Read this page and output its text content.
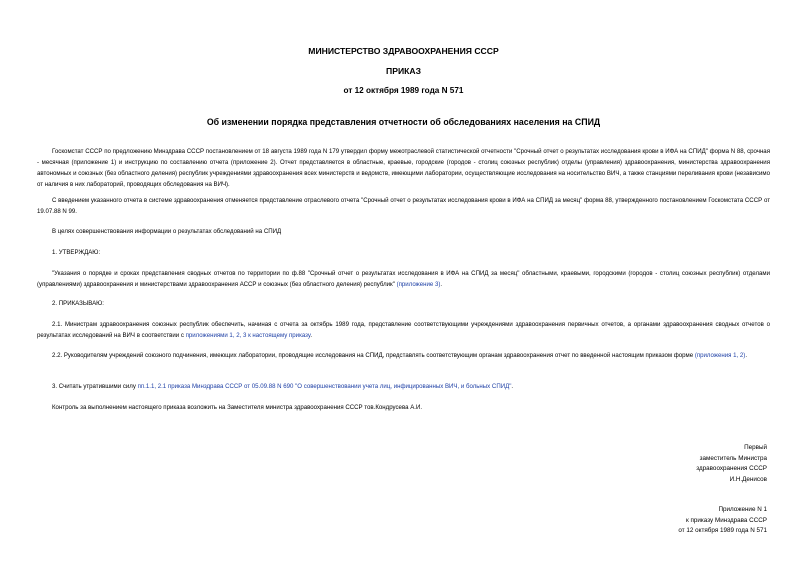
МИНИСТЕРСТВО ЗДРАВООХРАНЕНИЯ СССР
ПРИКАЗ
от 12 октября 1989 года N 571
Об изменении порядка представления отчетности об обследованиях населения на СПИД

Госкомстат СССР по предложению Минздрава СССР постановлением от 18 августа 1989 года N 179 утвердил форму межотраслевой статистической отчетности "Срочный отчет о результатах исследования крови в ИФА на СПИД" форма N 88, срочная - месячная (приложение 1) и инструкцию по составлению отчета (приложение 2). Отчет представляется в областные, краевые, городские (городов - столиц союзных республик) отделы (управления) здравоохранения, министерства здравоохранения автономных и союзных (без областного деления) республик учреждениями здравоохранения всех министерств и ведомств, имеющими лаборатории, осуществляющие исследования на носительство ВИЧ, а также станциями переливания крови (независимо от наличия в них лабораторий, проводящих обследования на ВИЧ).

С введением указанного отчета в системе здравоохранения отменяется представление отраслевого отчета "Срочный отчет о результатах исследования крови в ИФА на СПИД за месяц" форма 88, утвержденного постановлением Госкомстата СССР от 19.07.88 N 99.

В целях совершенствования информации о результатах обследований на СПИД

1. УТВЕРЖДАЮ:

"Указания о порядке и сроках представления сводных отчетов по территории по ф.88 "Срочный отчет о результатах исследования в ИФА на СПИД за месяц" областными, краевыми, городскими (городов - столиц союзных республик) отделами (управлениями) здравоохранения и министерствами здравоохранения АССР и союзных (без областного деления) республик" (приложение 3).

2. ПРИКАЗЫВАЮ:

2.1. Министрам здравоохранения союзных республик обеспечить, начиная с отчета за октябрь 1989 года, представление соответствующими учреждениями здравоохранения первичных отчетов, а органами здравоохранения сводных отчетов о результатах исследований на ВИЧ в соответствии с приложениями 1, 2, 3 к настоящему приказу.

2.2. Руководителям учреждений союзного подчинения, имеющих лаборатории, проводящие исследования на СПИД, представлять соответствующим органам здравоохранения отчет по введенной настоящим приказом форме (приложения 1, 2).

3. Считать утратившими силу пп.1.1, 2.1 приказа Минздрава СССР от 05.09.88 N 690 "О совершенствовании учета лиц, инфицированных ВИЧ, и больных СПИД".

Контроль за выполнением настоящего приказа возложить на Заместителя министра здравоохранения СССР тов.Кондрусева А.И.

Первый
заместитель Министра
здравоохранения СССР
И.Н.Денисов
Приложение N 1
к приказу Минздрава СССР
от 12 октября 1989 года N 571
